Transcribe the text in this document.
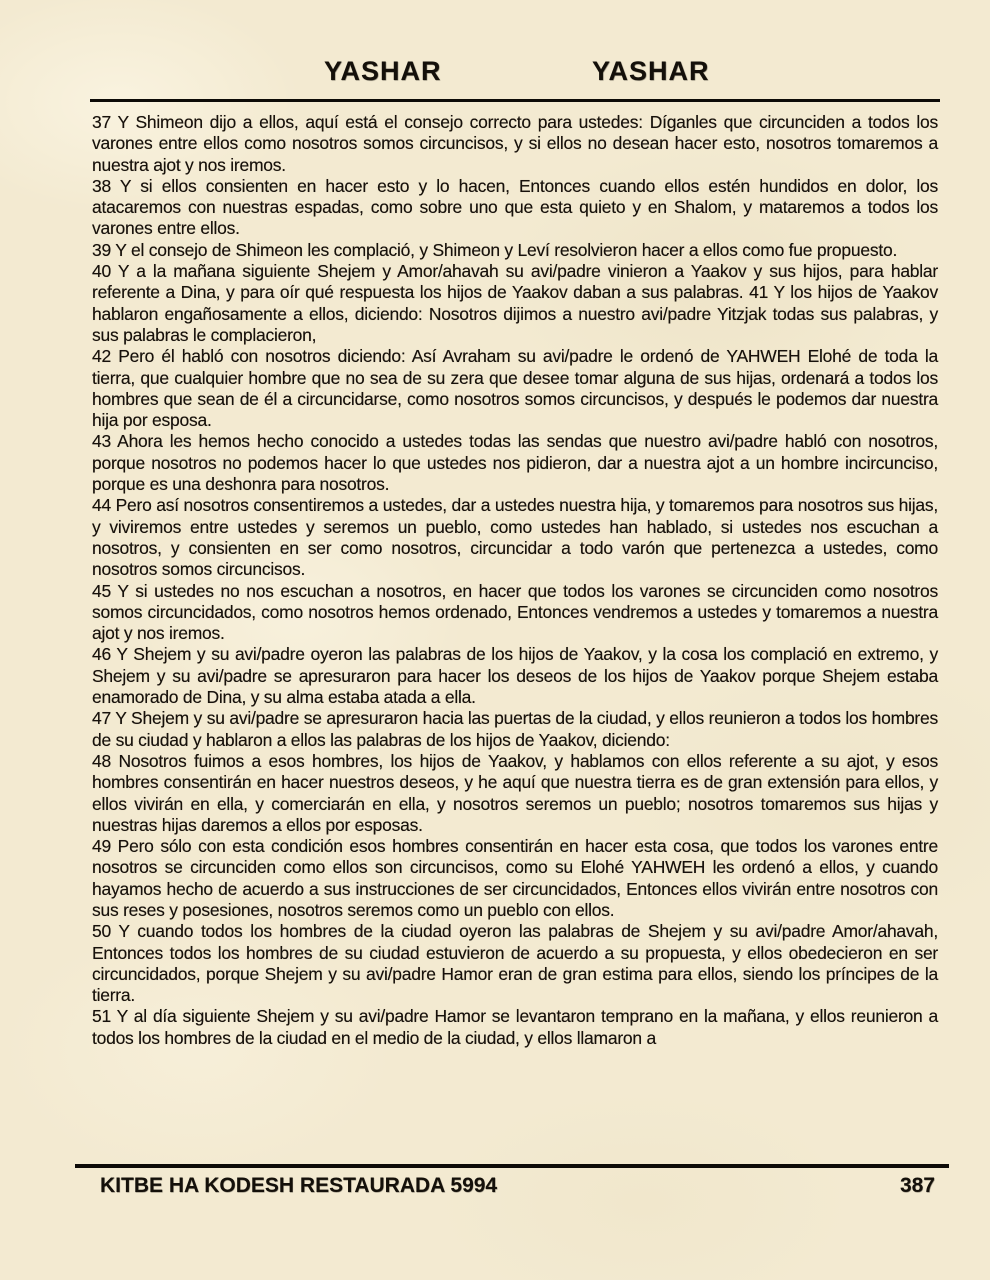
YASHAR	YASHAR

37 Y Shimeon dijo a ellos, aquí está el consejo correcto para ustedes: Díganles que circunciden a todos los varones entre ellos como nosotros somos circuncisos, y si ellos no desean hacer esto, nosotros tomaremos a nuestra ajot y nos iremos.

38 Y si ellos consienten en hacer esto y lo hacen, Entonces cuando ellos estén hundidos en dolor, los atacaremos con nuestras espadas, como sobre uno que esta quieto y en Shalom, y mataremos a todos los varones entre ellos.

39 Y el consejo de Shimeon les complació, y Shimeon y Leví resolvieron hacer a ellos como fue propuesto.

40 Y a la mañana siguiente Shejem y Amor/ahavah su avi/padre vinieron a Yaakov y sus hijos, para hablar referente a Dina, y para oír qué respuesta los hijos de Yaakov daban a sus palabras. 41 Y los hijos de Yaakov hablaron engañosamente a ellos, diciendo: Nosotros dijimos a nuestro avi/padre Yitzjak todas sus palabras, y sus palabras le complacieron,

42 Pero él habló con nosotros diciendo: Así Avraham su avi/padre le ordenó de YAHWEH Elohé de toda la tierra, que cualquier hombre que no sea de su zera que desee tomar alguna de sus hijas, ordenará a todos los hombres que sean de él a circuncidarse, como nosotros somos circuncisos, y después le podemos dar nuestra hija por esposa.

43 Ahora les hemos hecho conocido a ustedes todas las sendas que nuestro avi/padre habló con nosotros, porque nosotros no podemos hacer lo que ustedes nos pidieron, dar a nuestra ajot a un hombre incircunciso, porque es una deshonra para nosotros.

44 Pero así nosotros consentiremos a ustedes, dar a ustedes nuestra hija, y tomaremos para nosotros sus hijas, y viviremos entre ustedes y seremos un pueblo, como ustedes han hablado, si ustedes nos escuchan a nosotros, y consienten en ser como nosotros, circuncidar a todo varón que pertenezca a ustedes, como nosotros somos circuncisos.

45 Y si ustedes no nos escuchan a nosotros, en hacer que todos los varones se circunciden como nosotros somos circuncidados, como nosotros hemos ordenado, Entonces vendremos a ustedes y tomaremos a nuestra ajot y nos iremos.

46 Y Shejem y su avi/padre oyeron las palabras de los hijos de Yaakov, y la cosa los complació en extremo, y Shejem y su avi/padre se apresuraron para hacer los deseos de los hijos de Yaakov porque Shejem estaba enamorado de Dina, y su alma estaba atada a ella.

47 Y Shejem y su avi/padre se apresuraron hacia las puertas de la ciudad, y ellos reunieron a todos los hombres de su ciudad y hablaron a ellos las palabras de los hijos de Yaakov, diciendo:

48 Nosotros fuimos a esos hombres, los hijos de Yaakov, y hablamos con ellos referente a su ajot, y esos hombres consentirán en hacer nuestros deseos, y he aquí que nuestra tierra es de gran extensión para ellos, y ellos vivirán en ella, y comerciarán en ella, y nosotros seremos un pueblo; nosotros tomaremos sus hijas y nuestras hijas daremos a ellos por esposas.

49 Pero sólo con esta condición esos hombres consentirán en hacer esta cosa, que todos los varones entre nosotros se circunciden como ellos son circuncisos, como su Elohé YAHWEH les ordenó a ellos, y cuando hayamos hecho de acuerdo a sus instrucciones de ser circuncidados, Entonces ellos vivirán entre nosotros con sus reses y posesiones, nosotros seremos como un pueblo con ellos.

50 Y cuando todos los hombres de la ciudad oyeron las palabras de Shejem y su avi/padre Amor/ahavah, Entonces todos los hombres de su ciudad estuvieron de acuerdo a su propuesta, y ellos obedecieron en ser circuncidados, porque Shejem y su avi/padre Hamor eran de gran estima para ellos, siendo los príncipes de la tierra.

51 Y al día siguiente Shejem y su avi/padre Hamor se levantaron temprano en la mañana, y ellos reunieron a todos los hombres de la ciudad en el medio de la ciudad, y ellos llamaron a

KITBE HA KODESH RESTAURADA 5994	387
